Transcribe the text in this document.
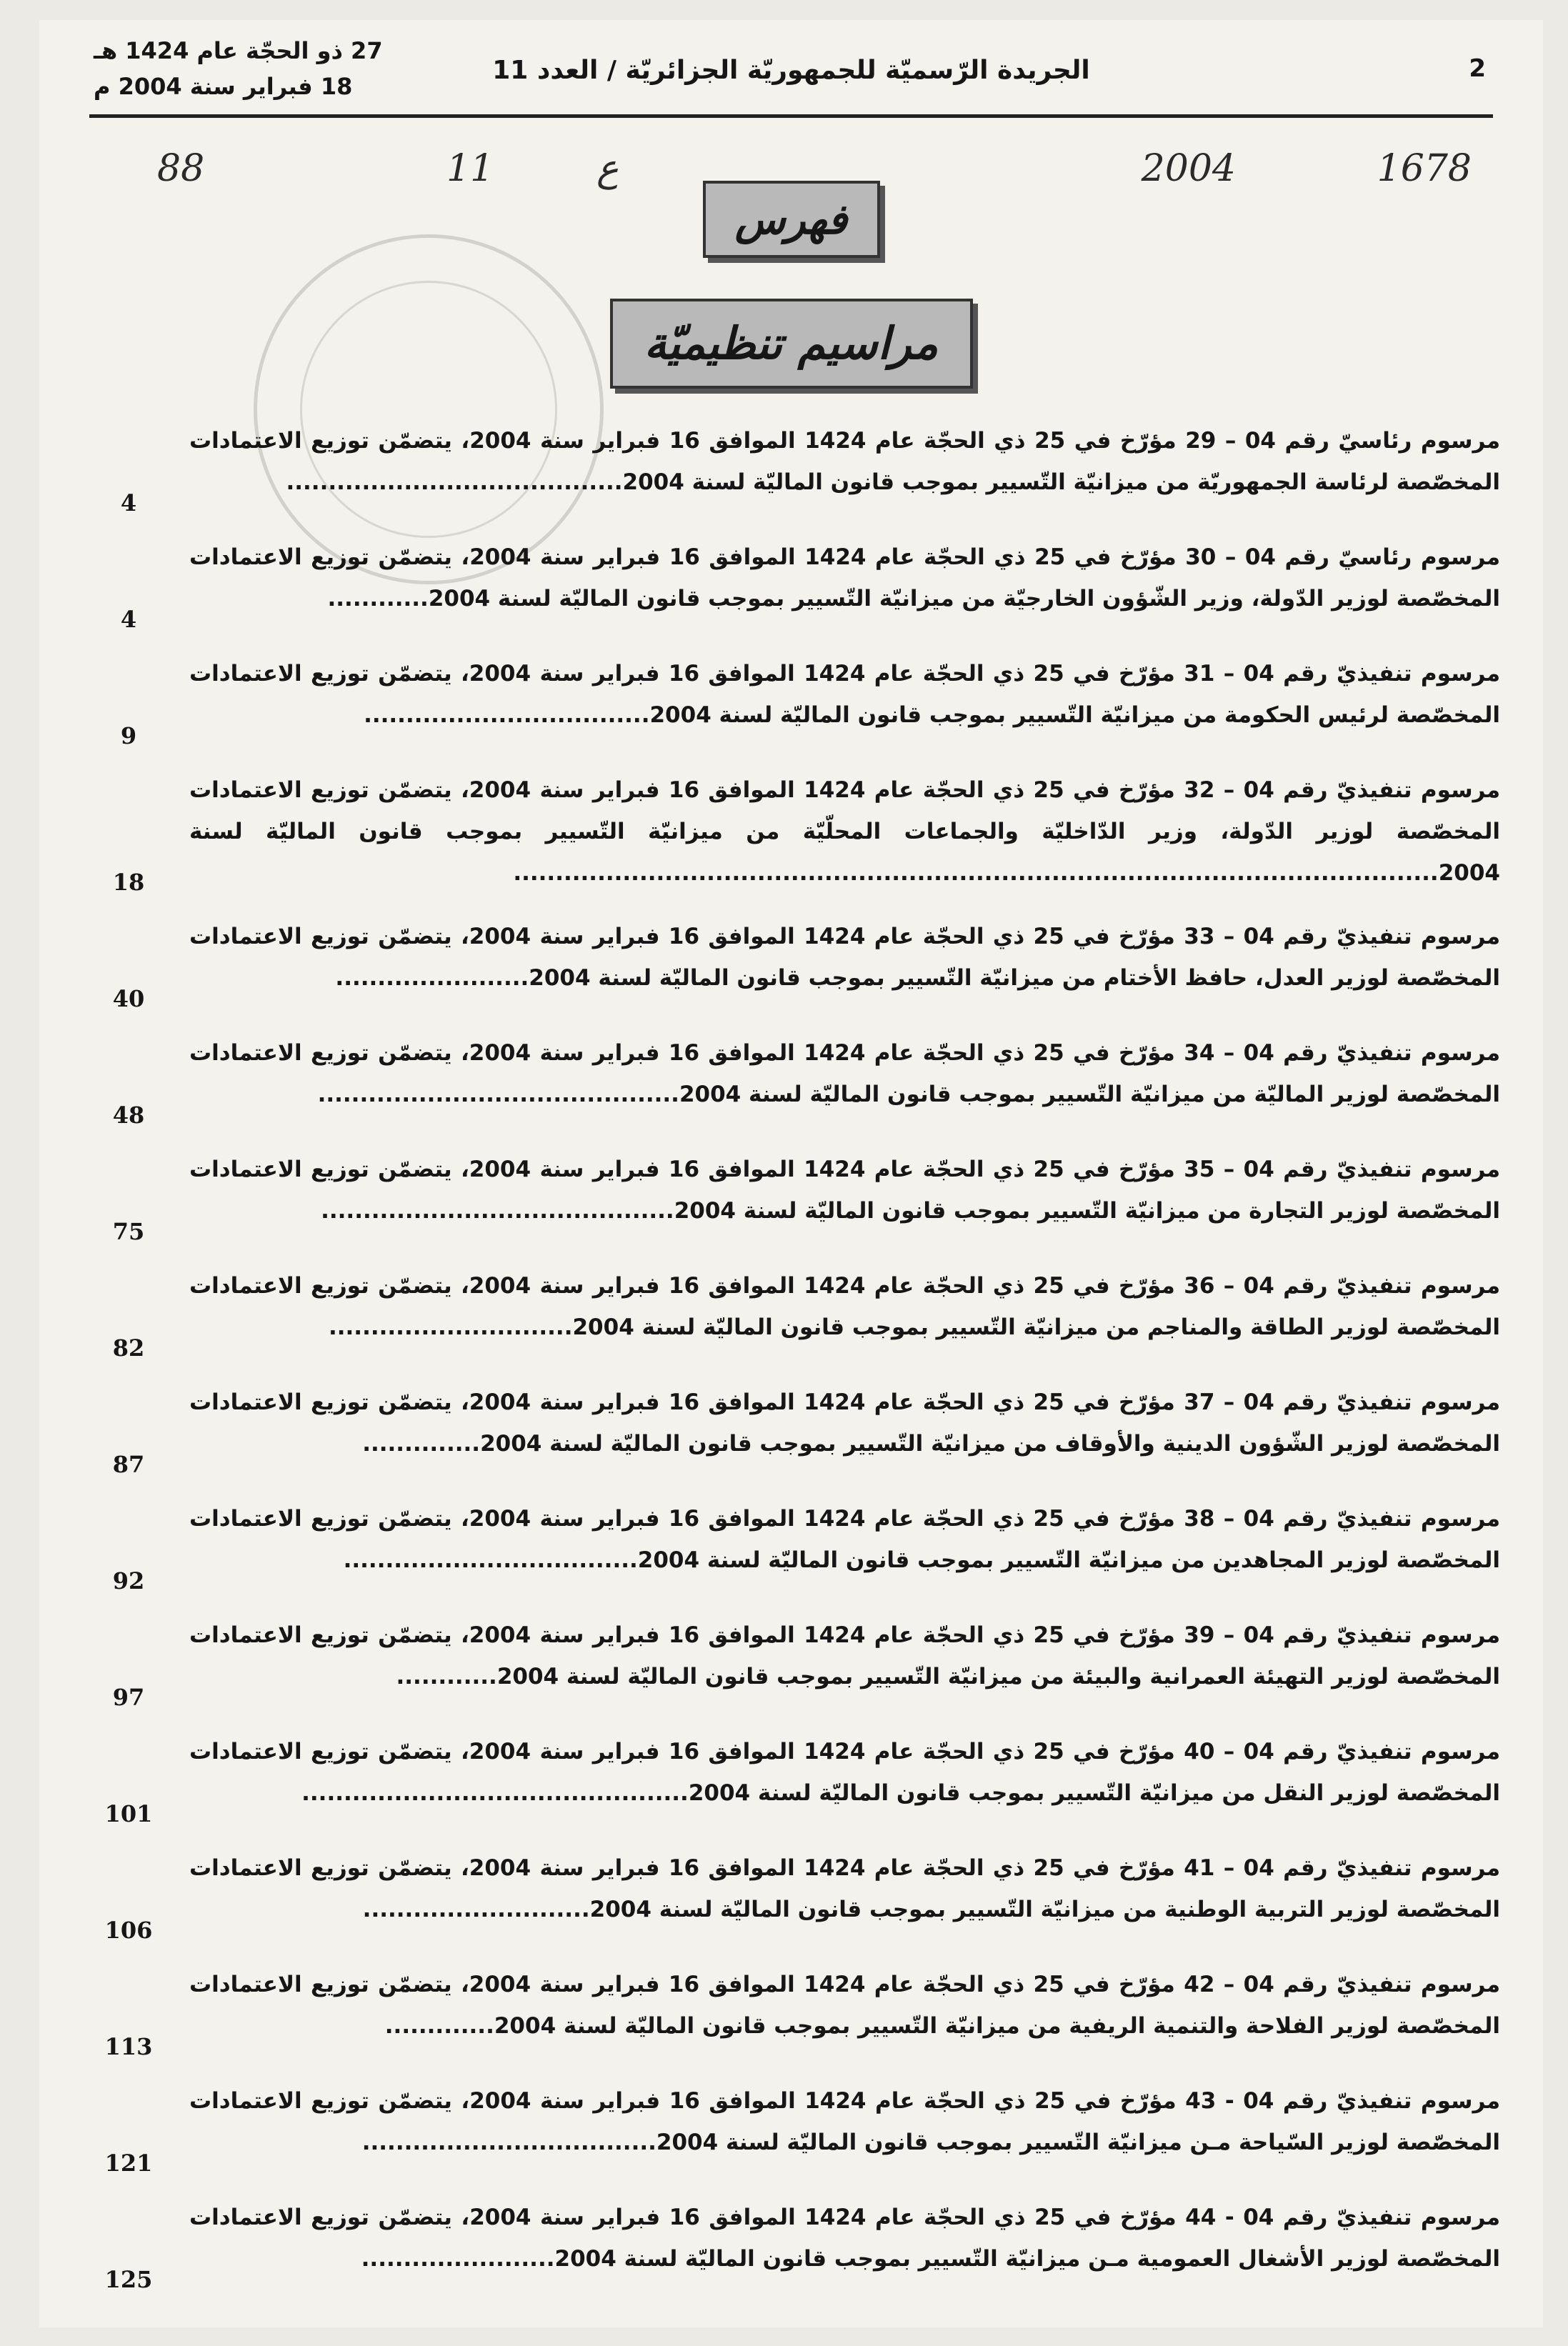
2
الجريدة الرّسميّة للجمهوريّة الجزائريّة / العدد 11
27 ذو الحجّة عام 1424 هـ
18 فبراير سنة 2004 م
1678
2004
ع
11
88
فهرس
مراسيم تنظيميّة
مرسوم رئاسيّ رقم 04 – 29 مؤرّخ في 25 ذي الحجّة عام 1424 الموافق 16 فبراير سنة 2004، يتضمّن توزيع الاعتمادات المخصّصة لرئاسة الجمهوريّة من ميزانيّة التّسيير بموجب قانون الماليّة لسنة 2004........................................
4
مرسوم رئاسيّ رقم 04 – 30 مؤرّخ في 25 ذي الحجّة عام 1424 الموافق 16 فبراير سنة 2004، يتضمّن توزيع الاعتمادات المخصّصة لوزير الدّولة، وزير الشّؤون الخارجيّة من ميزانيّة التّسيير بموجب قانون الماليّة لسنة 2004............
4
مرسوم تنفيذيّ رقم 04 – 31 مؤرّخ في 25 ذي الحجّة عام 1424 الموافق 16 فبراير سنة 2004، يتضمّن توزيع الاعتمادات المخصّصة لرئيس الحكومة من ميزانيّة التّسيير بموجب قانون الماليّة لسنة 2004..................................
9
مرسوم تنفيذيّ رقم 04 – 32 مؤرّخ في 25 ذي الحجّة عام 1424 الموافق 16 فبراير سنة 2004، يتضمّن توزيع الاعتمادات المخصّصة لوزير الدّولة، وزير الدّاخليّة والجماعات المحلّيّة من ميزانيّة التّسيير بموجب قانون الماليّة لسنة 2004..............................................................................................................
18
مرسوم تنفيذيّ رقم 04 – 33 مؤرّخ في 25 ذي الحجّة عام 1424 الموافق 16 فبراير سنة 2004، يتضمّن توزيع الاعتمادات المخصّصة لوزير العدل، حافظ الأختام من ميزانيّة التّسيير بموجب قانون الماليّة لسنة 2004.......................
40
مرسوم تنفيذيّ رقم 04 – 34 مؤرّخ في 25 ذي الحجّة عام 1424 الموافق 16 فبراير سنة 2004، يتضمّن توزيع الاعتمادات المخصّصة لوزير الماليّة من ميزانيّة التّسيير بموجب قانون الماليّة لسنة 2004...........................................
48
مرسوم تنفيذيّ رقم 04 – 35 مؤرّخ في 25 ذي الحجّة عام 1424 الموافق 16 فبراير سنة 2004، يتضمّن توزيع الاعتمادات المخصّصة لوزير التجارة من ميزانيّة التّسيير بموجب قانون الماليّة لسنة 2004..........................................
75
مرسوم تنفيذيّ رقم 04 – 36 مؤرّخ في 25 ذي الحجّة عام 1424 الموافق 16 فبراير سنة 2004، يتضمّن توزيع الاعتمادات المخصّصة لوزير الطاقة والمناجم من ميزانيّة التّسيير بموجب قانون الماليّة لسنة 2004.............................
82
مرسوم تنفيذيّ رقم 04 – 37 مؤرّخ في 25 ذي الحجّة عام 1424 الموافق 16 فبراير سنة 2004، يتضمّن توزيع الاعتمادات المخصّصة لوزير الشّؤون الدينية والأوقاف من ميزانيّة التّسيير بموجب قانون الماليّة لسنة 2004..............
87
مرسوم تنفيذيّ رقم 04 – 38 مؤرّخ في 25 ذي الحجّة عام 1424 الموافق 16 فبراير سنة 2004، يتضمّن توزيع الاعتمادات المخصّصة لوزير المجاهدين من ميزانيّة التّسيير بموجب قانون الماليّة لسنة 2004...................................
92
مرسوم تنفيذيّ رقم 04 – 39 مؤرّخ في 25 ذي الحجّة عام 1424 الموافق 16 فبراير سنة 2004، يتضمّن توزيع الاعتمادات المخصّصة لوزير التهيئة العمرانية والبيئة من ميزانيّة التّسيير بموجب قانون الماليّة لسنة 2004............
97
مرسوم تنفيذيّ رقم 04 – 40 مؤرّخ في 25 ذي الحجّة عام 1424 الموافق 16 فبراير سنة 2004، يتضمّن توزيع الاعتمادات المخصّصة لوزير النقل من ميزانيّة التّسيير بموجب قانون الماليّة لسنة 2004..............................................
101
مرسوم تنفيذيّ رقم 04 – 41 مؤرّخ في 25 ذي الحجّة عام 1424 الموافق 16 فبراير سنة 2004، يتضمّن توزيع الاعتمادات المخصّصة لوزير التربية الوطنية من ميزانيّة التّسيير بموجب قانون الماليّة لسنة 2004...........................
106
مرسوم تنفيذيّ رقم 04 – 42 مؤرّخ في 25 ذي الحجّة عام 1424 الموافق 16 فبراير سنة 2004، يتضمّن توزيع الاعتمادات المخصّصة لوزير الفلاحة والتنمية الريفية من ميزانيّة التّسيير بموجب قانون الماليّة لسنة 2004.............
113
مرسوم تنفيذيّ رقم 04 - 43 مؤرّخ في 25 ذي الحجّة عام 1424 الموافق 16 فبراير سنة 2004، يتضمّن توزيع الاعتمادات المخصّصة لوزير السّياحة مـن ميزانيّة التّسيير بموجب قانون الماليّة لسنة 2004...................................
121
مرسوم تنفيذيّ رقم 04 - 44 مؤرّخ في 25 ذي الحجّة عام 1424 الموافق 16 فبراير سنة 2004، يتضمّن توزيع الاعتمادات المخصّصة لوزير الأشغال العمومية مـن ميزانيّة التّسيير بموجب قانون الماليّة لسنة 2004.......................
125
